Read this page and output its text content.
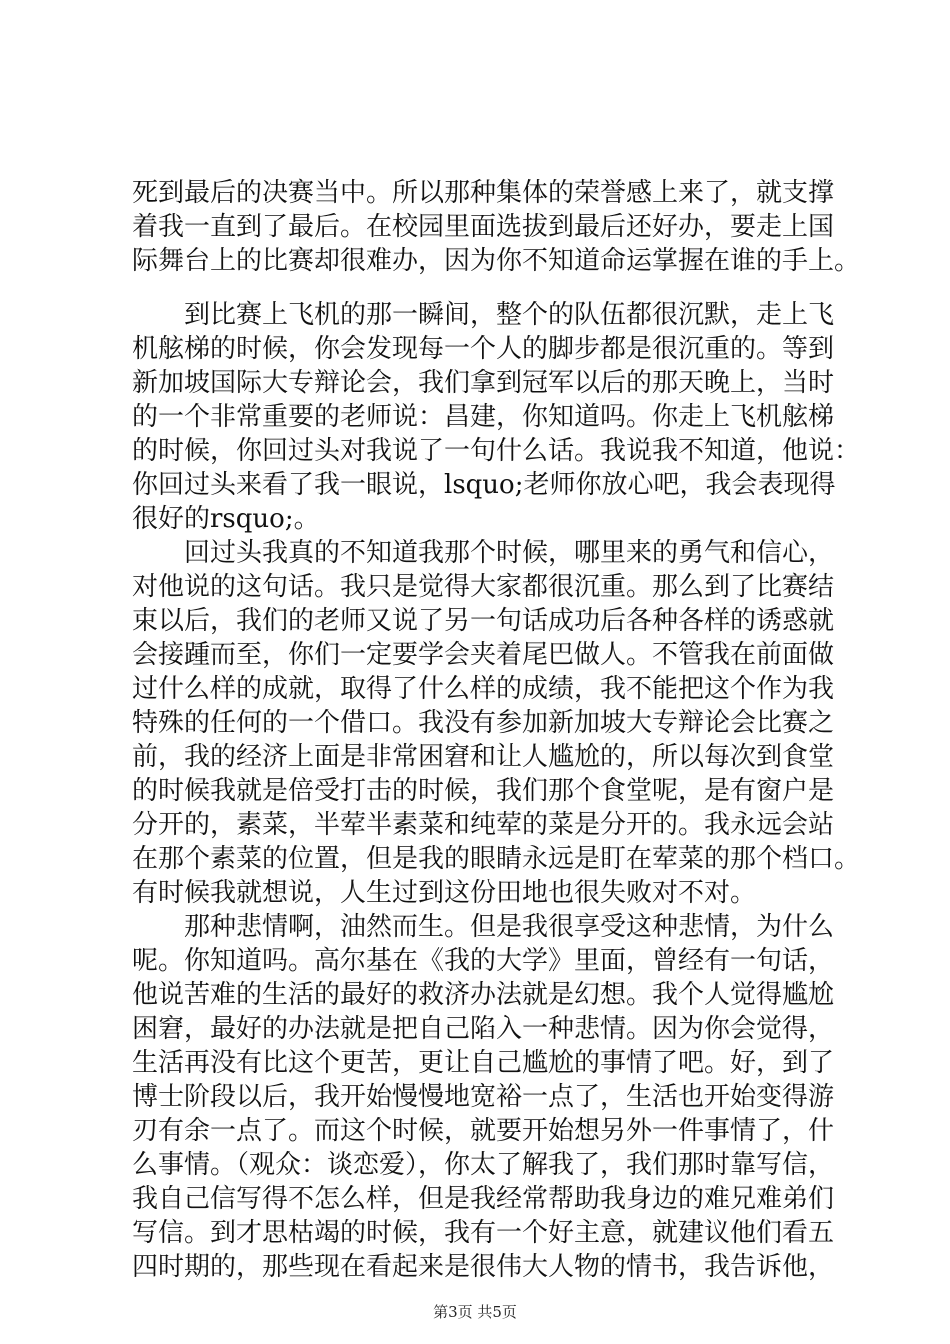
死到最后的决赛当中。所以那种集体的荣誉感上来了，就支撑
着我一直到了最后。在校园里面选拔到最后还好办，要走上国
际舞台上的比赛却很难办，因为你不知道命运掌握在谁的手上。
到比赛上飞机的那一瞬间，整个的队伍都很沉默，走上飞
机舷梯的时候，你会发现每一个人的脚步都是很沉重的。等到
新加坡国际大专辩论会，我们拿到冠军以后的那天晚上，当时
的一个非常重要的老师说：昌建，你知道吗。你走上飞机舷梯
的时候，你回过头对我说了一句什么话。我说我不知道，他说：
你回过头来看了我一眼说，lsquo;老师你放心吧，我会表现得
很好的rsquo;。
回过头我真的不知道我那个时候，哪里来的勇气和信心，
对他说的这句话。我只是觉得大家都很沉重。那么到了比赛结
束以后，我们的老师又说了另一句话成功后各种各样的诱惑就
会接踵而至，你们一定要学会夹着尾巴做人。不管我在前面做
过什么样的成就，取得了什么样的成绩，我不能把这个作为我
特殊的任何的一个借口。我没有参加新加坡大专辩论会比赛之
前，我的经济上面是非常困窘和让人尴尬的，所以每次到食堂
的时候我就是倍受打击的时候，我们那个食堂呢，是有窗户是
分开的，素菜，半荤半素菜和纯荤的菜是分开的。我永远会站
在那个素菜的位置，但是我的眼睛永远是盯在荤菜的那个档口。
有时候我就想说，人生过到这份田地也很失败对不对。
那种悲情啊，油然而生。但是我很享受这种悲情，为什么
呢。你知道吗。高尔基在《我的大学》里面，曾经有一句话，
他说苦难的生活的最好的救济办法就是幻想。我个人觉得尴尬
困窘，最好的办法就是把自己陷入一种悲情。因为你会觉得，
生活再没有比这个更苦，更让自己尴尬的事情了吧。好，到了
博士阶段以后，我开始慢慢地宽裕一点了，生活也开始变得游
刃有余一点了。而这个时候，就要开始想另外一件事情了，什
么事情。（观众：谈恋爱），你太了解我了，我们那时靠写信，
我自己信写得不怎么样，但是我经常帮助我身边的难兄难弟们
写信。到才思枯竭的时候，我有一个好主意，就建议他们看五
四时期的，那些现在看起来是很伟大人物的情书，我告诉他，
第3页 共5页
